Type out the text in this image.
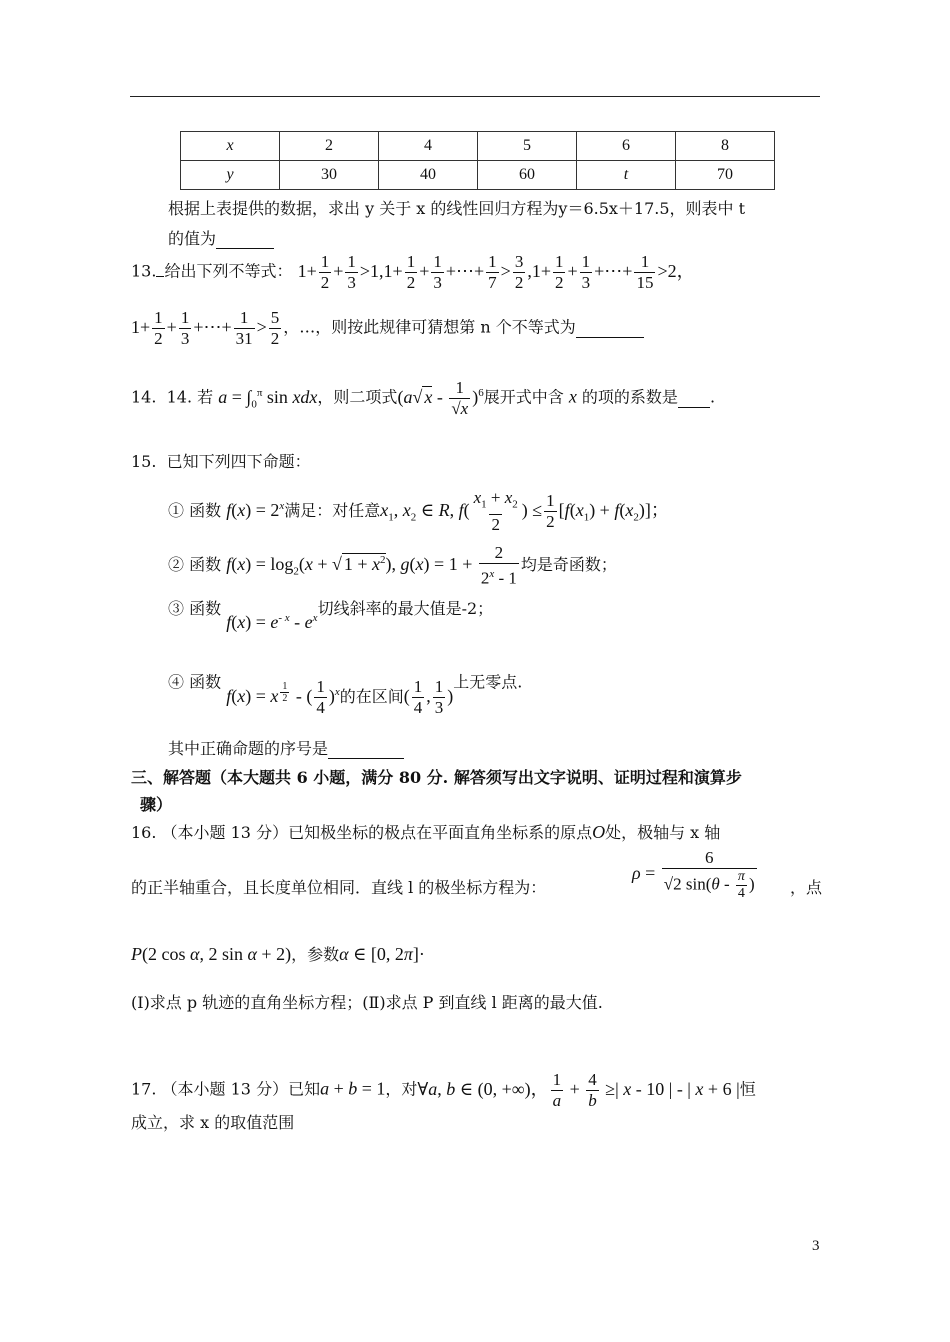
x	2	4	5	6	8
y	30	40	60	t	70
根据上表提供的数据，求出 y 关于 x 的线性回归方程为y＝6.5x＋17.5，则表中 t
的值为
13. 给出下列不等式： $1+ \frac{1}{2} + \frac{1}{3} >1,1+ \frac{1}{2} + \frac{1}{3}$ +⋯+ $\frac{1}{7} > \frac{3}{2} ,1+ \frac{1}{2} + \frac{1}{3}$ +⋯+ $\frac{1}{15} >2$，
$1+ \frac{1}{2} + \frac{1}{3}$ +⋯+ $\frac{1}{31} > \frac{5}{2}$ ，…，则按此规律可猜想第 n 个不等式为
14. 14. 若 $a = \int_0^\pi$ sin xdx，则二项式(a√ x - $\frac{1}{√x} )^6$展开式中含 x 的项的系数是 .
15. 已知下列四下命题：
① 函数 $f(x) = 2^x$满足：对任意$x_1$, $x_2$ ∈ R, $f( \frac{x_1 + x_2}{2}$ ) ≤ $\frac{1}{2} [f(x_1) + f(x_2)]$；
② 函数 $f(x) = \log_2(x$ + √ $1 + x^2$), $g(x) = 1 + \frac{2}{2^x - 1}$ 均是奇函数；
③ 函数 $f(x) = e^{- x} - e^x$切线斜率的最大值是-2；
④ 函数 f(x) = x $^{\frac{1}{2}}$ - ( $\frac{1}{4} )^x$的在区间( $\frac{1}{4}$ , $\frac{1}{3}$ )上无零点.
其中正确命题的序号是
三、解答题（本大题共 6 小题，满分 80 分. 解答须写出文字说明、证明过程和演算步
骤）
16. （本小题 13 分）已知极坐标的极点在平面直角坐标系的原点O处，极轴与 x 轴
的正半轴重合，且长度单位相同．直线 l 的极坐标方程为：
$\rho = \frac{6}{√2 \sin(\theta - \frac{\pi}{4} )}$ ，点
P(2 cos α, 2 sin α + 2)，参数α ∈ [0, 2π]·
(Ⅰ)求点 p 轨迹的直角坐标方程；(Ⅱ)求点 P 到直线 l 距离的最大值.
17. （本小题 13 分）已知a + b = 1，对∀a, b ∈ (0, +∞)， $\frac{1}{a} + \frac{4}{b}$ ≥| x - 10 | - | x + 6 |恒
成立，求 x 的取值范围
3
